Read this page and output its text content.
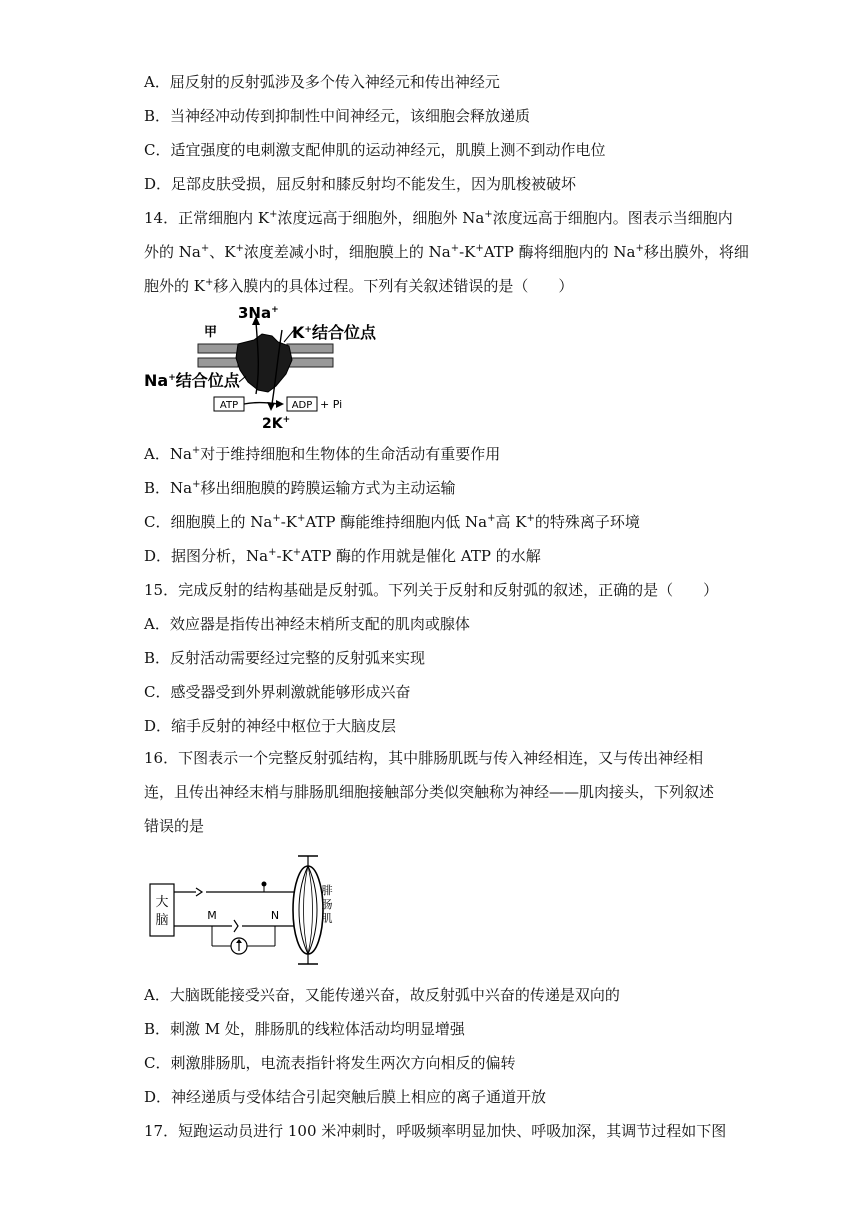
A．屈反射的反射弧涉及多个传入神经元和传出神经元
B．当神经冲动传到抑制性中间神经元，该细胞会释放递质
C．适宜强度的电刺激支配伸肌的运动神经元，肌膜上测不到动作电位
D．足部皮肤受损，屈反射和膝反射均不能发生，因为肌梭被破坏
14．正常细胞内 K+浓度远高于细胞外，细胞外 Na+浓度远高于细胞内。图表示当细胞内
外的 Na+、K+浓度差减小时，细胞膜上的 Na+-K+ATP 酶将细胞内的 Na+移出膜外，将细
胞外的 K+移入膜内的具体过程。下列有关叙述错误的是（　　）
甲
3Na+
K+结合位点
Na+结合位点
ATP	ADP + Pi
2K+
A．Na+对于维持细胞和生物体的生命活动有重要作用
B．Na+移出细胞膜的跨膜运输方式为主动运输
C．细胞膜上的 Na+-K+ATP 酶能维持细胞内低 Na+高 K+的特殊离子环境
D．据图分析，Na+-K+ATP 酶的作用就是催化 ATP 的水解
15．完成反射的结构基础是反射弧。下列关于反射和反射弧的叙述，正确的是（　　）
A．效应器是指传出神经末梢所支配的肌肉或腺体
B．反射活动需要经过完整的反射弧来实现
C．感受器受到外界刺激就能够形成兴奋
D．缩手反射的神经中枢位于大脑皮层
16．下图表示一个完整反射弧结构，其中腓肠肌既与传入神经相连，又与传出神经相连，且传出神经末梢与腓肠肌细胞接触部分类似突触称为神经——肌肉接头，下列叙述错误的是
大
脑	M	N
腓
肠
肌
A．大脑既能接受兴奋，又能传递兴奋，故反射弧中兴奋的传递是双向的
B．刺激 M 处，腓肠肌的线粒体活动均明显增强
C．刺激腓肠肌，电流表指针将发生两次方向相反的偏转
D．神经递质与受体结合引起突触后膜上相应的离子通道开放
17．短跑运动员进行 100 米冲刺时，呼吸频率明显加快、呼吸加深，其调节过程如下图
